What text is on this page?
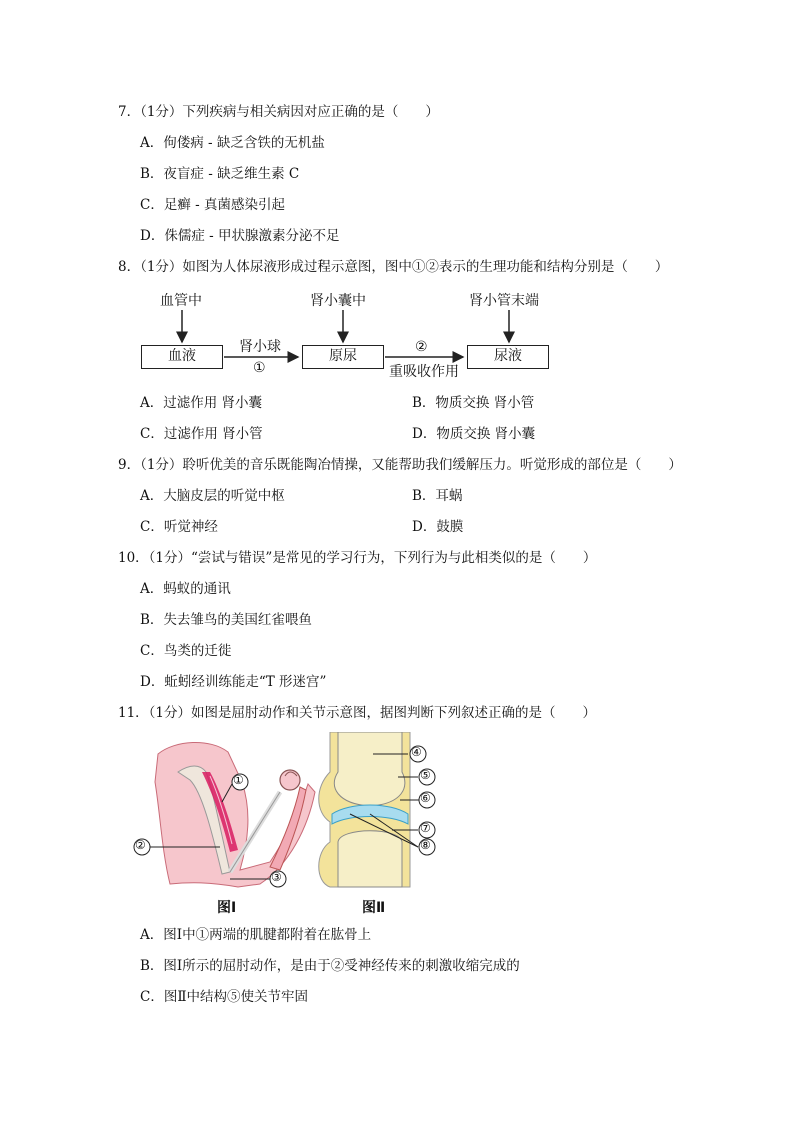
7．（1分）下列疾病与相关病因对应正确的是（　　）
A．佝偻病 - 缺乏含铁的无机盐
B．夜盲症 - 缺乏维生素 C
C．足癣 - 真菌感染引起
D．侏儒症 - 甲状腺激素分泌不足
8．（1分）如图为人体尿液形成过程示意图，图中①②表示的生理功能和结构分别是（　　）
血管中	肾小囊中	肾小管末端
血液	原尿	尿液
肾小球
①
②
重吸收作用
A．过滤作用 肾小囊	B．物质交换 肾小管
C．过滤作用 肾小管	D．物质交换 肾小囊
9．（1分）聆听优美的音乐既能陶冶情操，又能帮助我们缓解压力。听觉形成的部位是（　　）
A．大脑皮层的听觉中枢	B．耳蜗
C．听觉神经	D．鼓膜
10．（1分）“尝试与错误”是常见的学习行为，下列行为与此相类似的是（　　）
A．蚂蚁的通讯
B．失去雏鸟的美国红雀喂鱼
C．鸟类的迁徙
D．蚯蚓经训练能走“T 形迷宫”
11．（1分）如图是屈肘动作和关节示意图，据图判断下列叙述正确的是（　　）
①
②
③
④
⑤
⑥
⑦
⑧
图Ⅰ	图Ⅱ
A．图Ⅰ中①两端的肌腱都附着在肱骨上
B．图Ⅰ所示的屈肘动作，是由于②受神经传来的刺激收缩完成的
C．图Ⅱ中结构⑤使关节牢固
